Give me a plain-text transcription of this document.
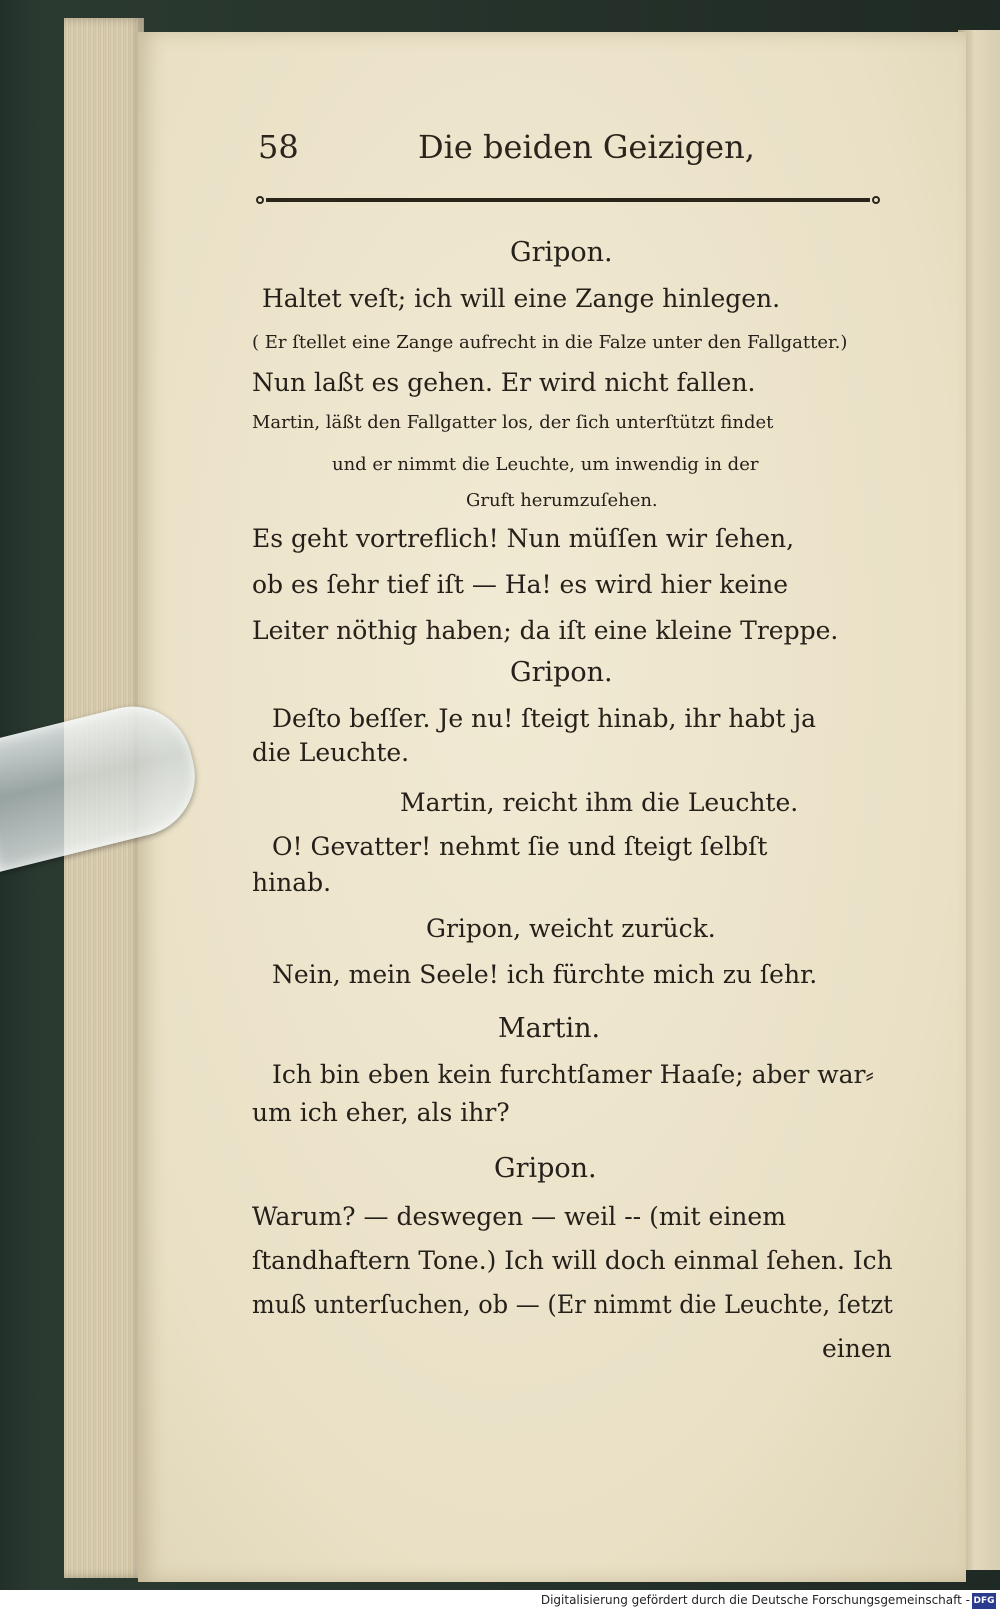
58	Die beiden Geizigen,
Gripon.
Haltet veſt; ich will eine Zange hinlegen.
( Er ſtellet eine Zange aufrecht in die Falze unter den Fallgatter.)
Nun laßt es gehen. Er wird nicht fallen.
Martin, läßt den Fallgatter los, der ſich unterſtützt findet
und er nimmt die Leuchte, um inwendig in der
Gruft herumzuſehen.
Es geht vortreflich! Nun müſſen wir ſehen,
ob es ſehr tief iſt — Ha! es wird hier keine
Leiter nöthig haben; da iſt eine kleine Treppe.
Gripon.
Deſto beſſer. Je nu! ſteigt hinab, ihr habt ja
die Leuchte.
Martin, reicht ihm die Leuchte.
O! Gevatter! nehmt ſie und ſteigt ſelbſt
hinab.
Gripon, weicht zurück.
Nein, mein Seele! ich fürchte mich zu ſehr.
Martin.
Ich bin eben kein furchtſamer Haaſe; aber war⸗
um ich eher, als ihr?
Gripon.
Warum? — deswegen — weil -- (mit einem
ſtandhaftern Tone.) Ich will doch einmal ſehen. Ich
muß unterſuchen, ob — (Er nimmt die Leuchte, ſetzt
einen
Digitalisierung gefördert durch die Deutsche Forschungsgemeinschaft - DFG
